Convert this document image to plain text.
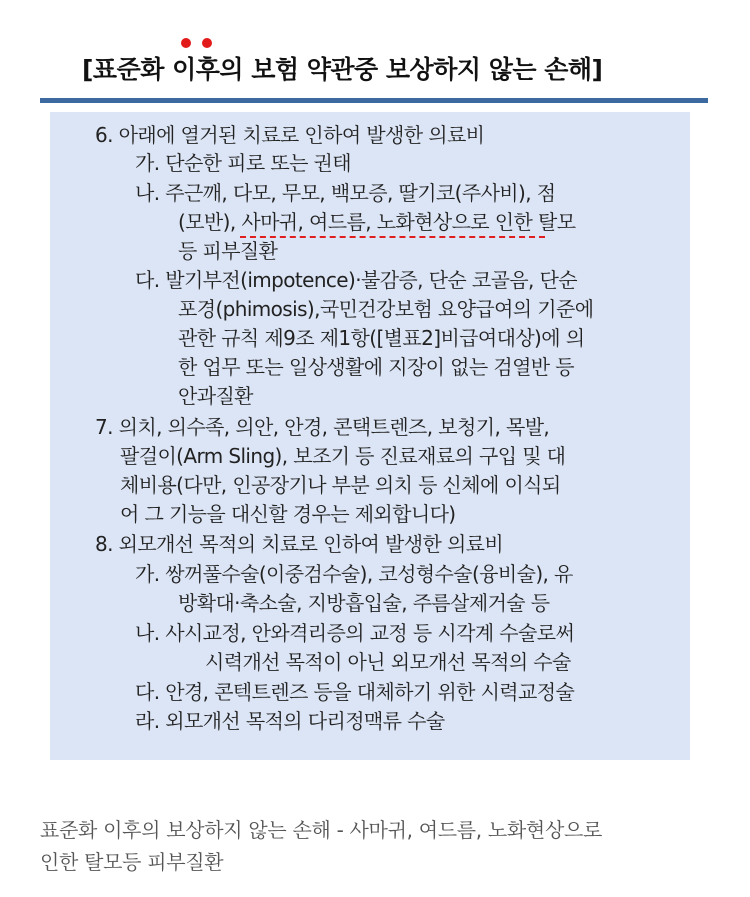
[표준화 이후의 보험 약관중 보상하지 않는 손해]
6. 아래에 열거된 치료로 인하여 발생한 의료비
가. 단순한 피로 또는 권태
나. 주근깨, 다모, 무모, 백모증, 딸기코(주사비), 점
(모반), 사마귀, 여드름, 노화현상으로 인한 탈모
등 피부질환
다. 발기부전(impotence)·불감증, 단순 코골음, 단순
포경(phimosis),국민건강보험 요양급여의 기준에
관한 규칙 제9조 제1항([별표2]비급여대상)에 의
한 업무 또는 일상생활에 지장이 없는 검열반 등
안과질환
7. 의치, 의수족, 의안, 안경, 콘택트렌즈, 보청기, 목발,
팔걸이(Arm Sling), 보조기 등 진료재료의 구입 및 대
체비용(다만, 인공장기나 부분 의치 등 신체에 이식되
어 그 기능을 대신할 경우는 제외합니다)
8. 외모개선 목적의 치료로 인하여 발생한 의료비
가. 쌍꺼풀수술(이중검수술), 코성형수술(융비술), 유
방확대·축소술, 지방흡입술, 주름살제거술 등
나. 사시교정, 안와격리증의 교정 등 시각계 수술로써
시력개선 목적이 아닌 외모개선 목적의 수술
다. 안경, 콘텍트렌즈 등을 대체하기 위한 시력교정술
라. 외모개선 목적의 다리정맥류 수술
표준화 이후의 보상하지 않는 손해 - 사마귀, 여드름, 노화현상으로
인한 탈모등 피부질환
